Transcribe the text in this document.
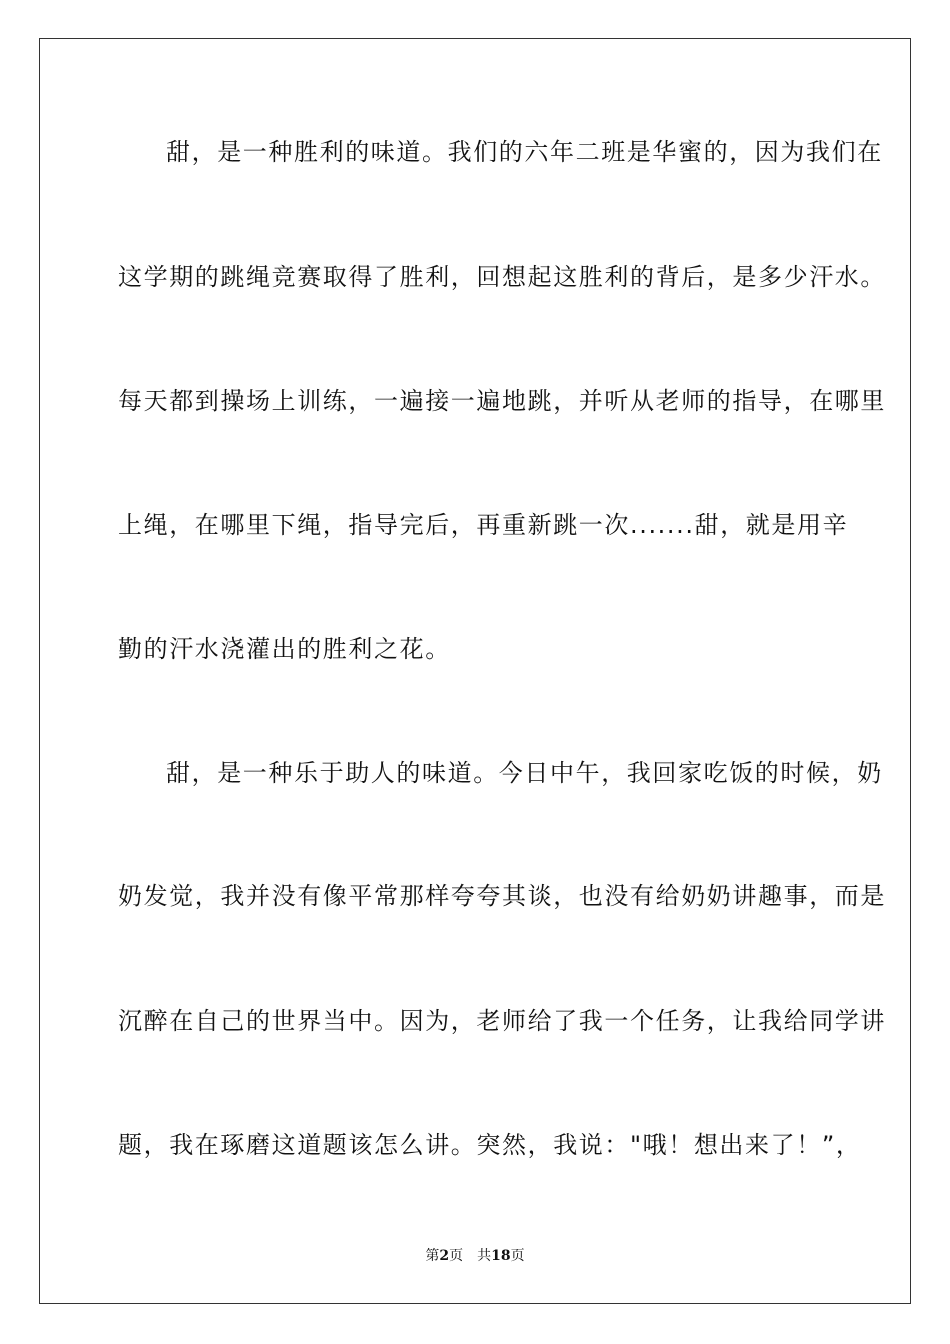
甜，是一种胜利的味道。我们的六年二班是华蜜的，因为我们在
这学期的跳绳竞赛取得了胜利，回想起这胜利的背后，是多少汗水。
每天都到操场上训练，一遍接一遍地跳，并听从老师的指导，在哪里
上绳，在哪里下绳，指导完后，再重新跳一次.......甜，就是用辛
勤的汗水浇灌出的胜利之花。
甜，是一种乐于助人的味道。今日中午，我回家吃饭的时候，奶
奶发觉，我并没有像平常那样夸夸其谈，也没有给奶奶讲趣事，而是
沉醉在自己的世界当中。因为，老师给了我一个任务，让我给同学讲
题，我在琢磨这道题该怎么讲。突然，我说："哦！想出来了！”，
第2页 共18页
